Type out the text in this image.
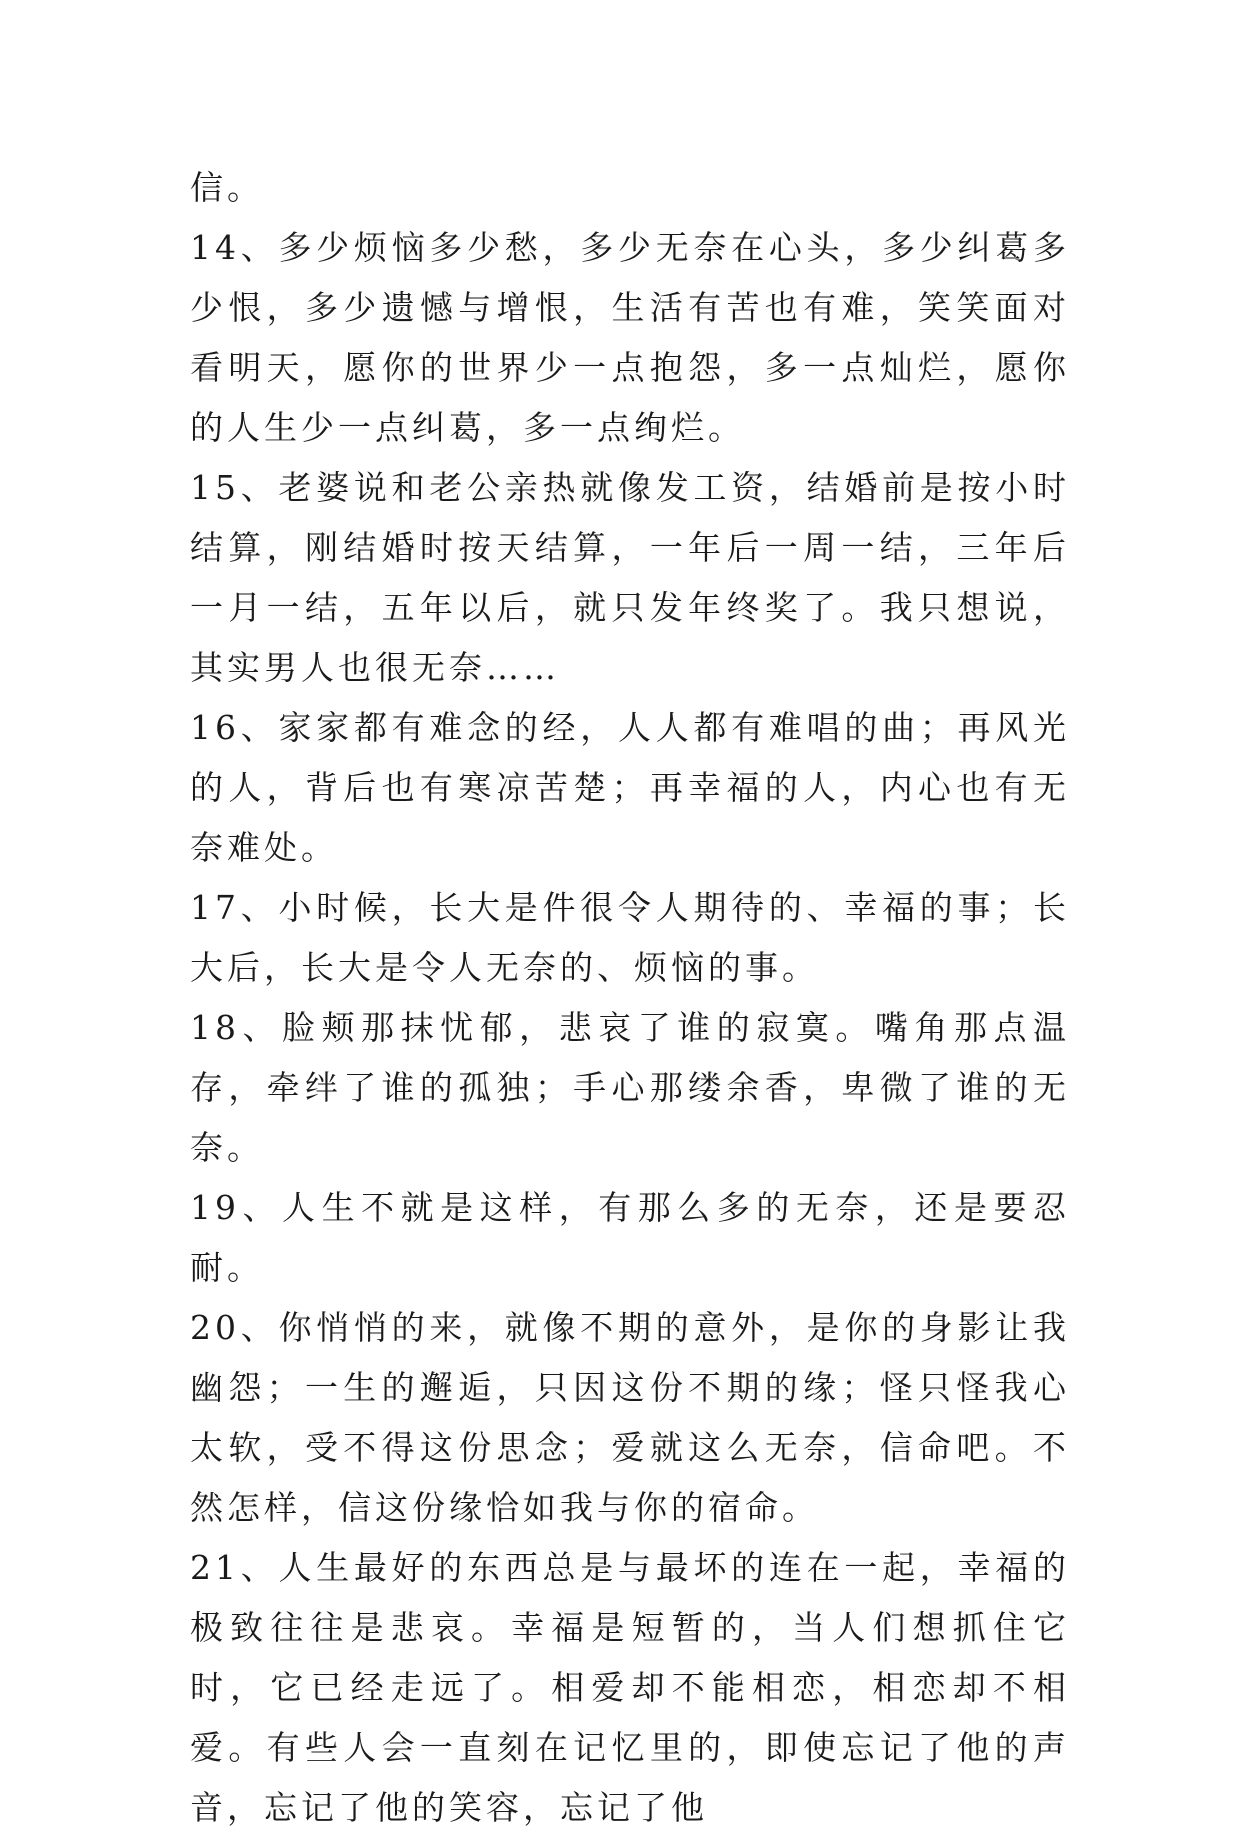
信。

14、多少烦恼多少愁，多少无奈在心头，多少纠葛多少恨，多少遗憾与增恨，生活有苦也有难，笑笑面对看明天，愿你的世界少一点抱怨，多一点灿烂，愿你的人生少一点纠葛，多一点绚烂。

15、老婆说和老公亲热就像发工资，结婚前是按小时结算，刚结婚时按天结算，一年后一周一结，三年后一月一结，五年以后，就只发年终奖了。我只想说，其实男人也很无奈……

16、家家都有难念的经，人人都有难唱的曲；再风光的人，背后也有寒凉苦楚；再幸福的人，内心也有无奈难处。

17、小时候，长大是件很令人期待的、幸福的事；长大后，长大是令人无奈的、烦恼的事。

18、脸颊那抹忧郁，悲哀了谁的寂寞。嘴角那点温存，牵绊了谁的孤独；手心那缕余香，卑微了谁的无奈。

19、人生不就是这样，有那么多的无奈，还是要忍耐。

20、你悄悄的来，就像不期的意外，是你的身影让我幽怨；一生的邂逅，只因这份不期的缘；怪只怪我心太软，受不得这份思念；爱就这么无奈，信命吧。不然怎样，信这份缘恰如我与你的宿命。

21、人生最好的东西总是与最坏的连在一起，幸福的极致往往是悲哀。幸福是短暂的，当人们想抓住它时，它已经走远了。相爱却不能相恋，相恋却不相爱。有些人会一直刻在记忆里的，即使忘记了他的声音，忘记了他的笑容，忘记了他
